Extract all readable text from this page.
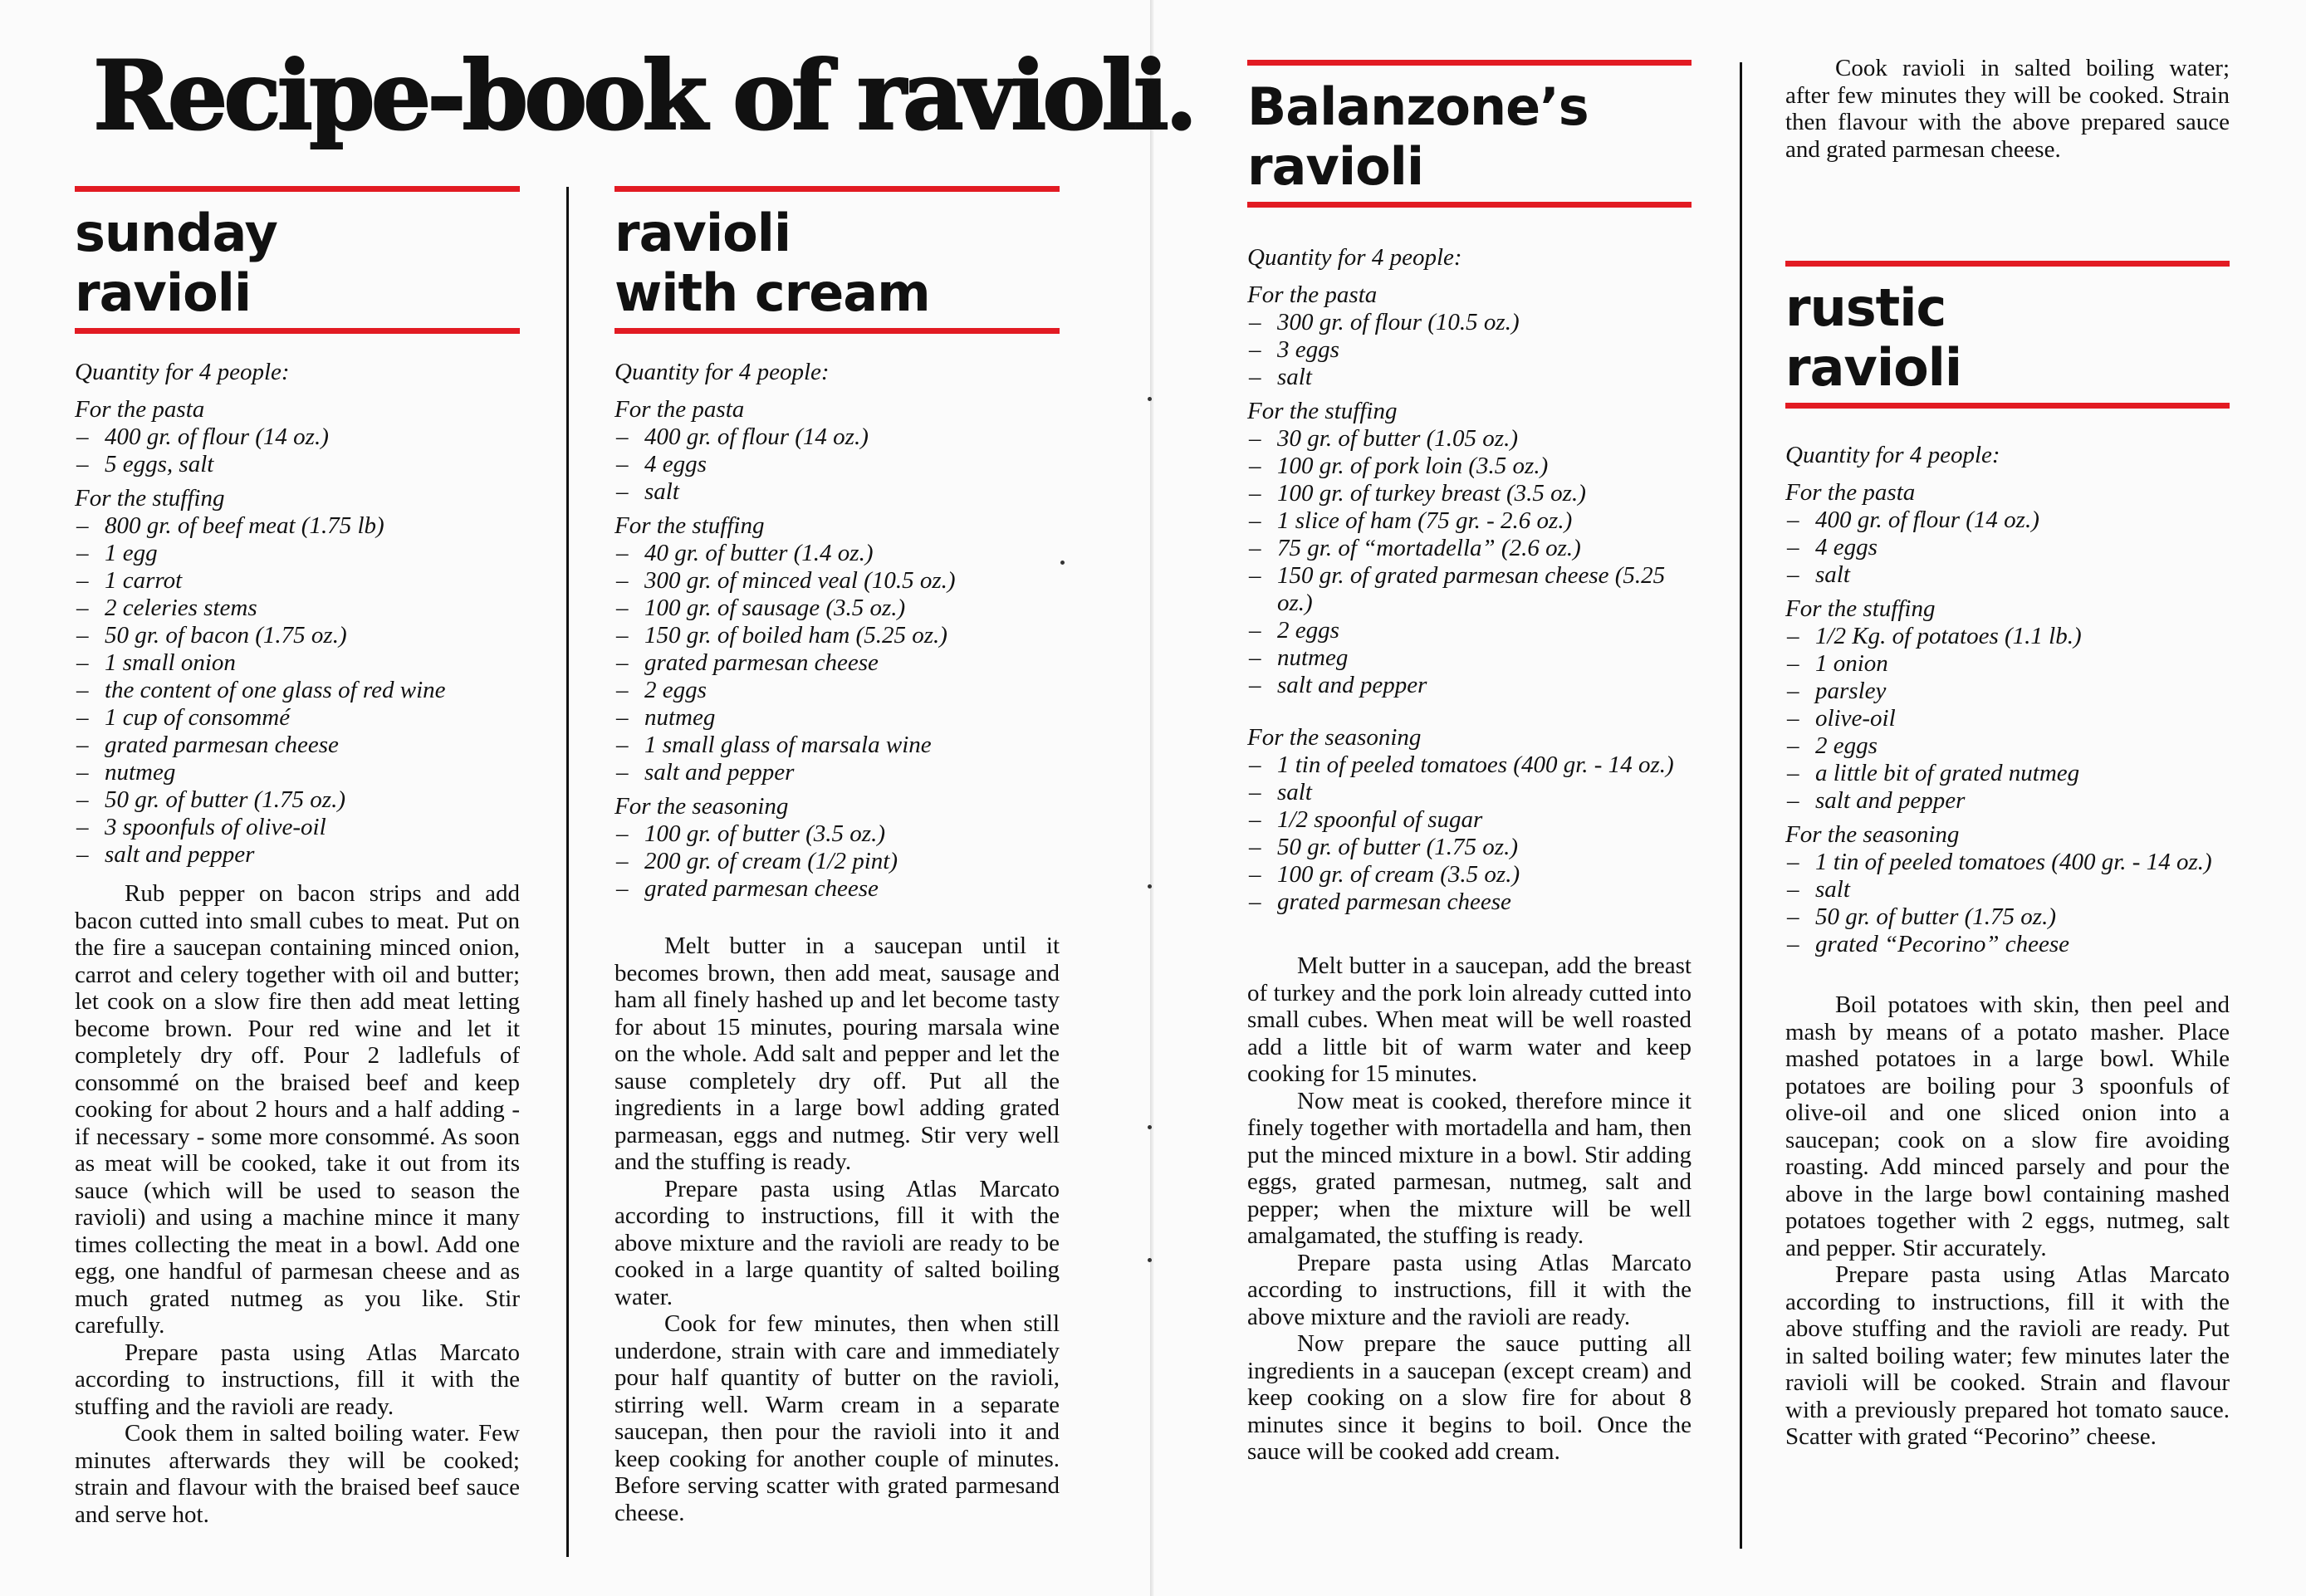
Recipe-book of ravioli.
sunday
ravioli
Quantity for 4 people:
For the pasta
– 400 gr. of flour (14 oz.)
– 5 eggs, salt
For the stuffing
– 800 gr. of beef meat (1.75 lb)
– 1 egg
– 1 carrot
– 2 celeries stems
– 50 gr. of bacon (1.75 oz.)
– 1 small onion
– the content of one glass of red wine
– 1 cup of consommé
– grated parmesan cheese
– nutmeg
– 50 gr. of butter (1.75 oz.)
– 3 spoonfuls of olive-oil
– salt and pepper

Rub pepper on bacon strips and add bacon cutted into small cubes to meat. Put on the fire a saucepan containing minced onion, carrot and celery together with oil and butter; let cook on a slow fire then add meat letting become brown. Pour red wine and let it completely dry off. Pour 2 ladlefuls of consommé on the braised beef and keep cooking for about 2 hours and a half adding - if necessary - some more consommé. As soon as meat will be cooked, take it out from its sauce (which will be used to season the ravioli) and using a machine mince it many times collecting the meat in a bowl. Add one egg, one handful of parmesan cheese and as much grated nutmeg as you like. Stir carefully.

Prepare pasta using Atlas Marcato according to instructions, fill it with the stuffing and the ravioli are ready.

Cook them in salted boiling water. Few minutes afterwards they will be cooked; strain and flavour with the braised beef sauce and serve hot.

ravioli
with cream
Quantity for 4 people:
For the pasta
– 400 gr. of flour (14 oz.)
– 4 eggs
– salt
For the stuffing
– 40 gr. of butter (1.4 oz.)
– 300 gr. of minced veal (10.5 oz.)
– 100 gr. of sausage (3.5 oz.)
– 150 gr. of boiled ham (5.25 oz.)
– grated parmesan cheese
– 2 eggs
– nutmeg
– 1 small glass of marsala wine
– salt and pepper
For the seasoning
– 100 gr. of butter (3.5 oz.)
– 200 gr. of cream (1/2 pint)
– grated parmesan cheese

Melt butter in a saucepan until it becomes brown, then add meat, sausage and ham all finely hashed up and let become tasty for about 15 minutes, pouring marsala wine on the whole. Add salt and pepper and let the sause completely dry off. Put all the ingredients in a large bowl adding grated parmeasan, eggs and nutmeg. Stir very well and the stuffing is ready.

Prepare pasta using Atlas Marcato according to instructions, fill it with the above mixture and the ravioli are ready to be cooked in a large quantity of salted boiling water.

Cook for few minutes, then when still underdone, strain with care and immediately pour half quantity of butter on the ravioli, stirring well. Warm cream in a separate saucepan, then pour the ravioli into it and keep cooking for another couple of minutes. Before serving scatter with grated parmesand cheese.

Balanzone’s
ravioli
Quantity for 4 people:
For the pasta
– 300 gr. of flour (10.5 oz.)
– 3 eggs
– salt
For the stuffing
– 30 gr. of butter (1.05 oz.)
– 100 gr. of pork loin (3.5 oz.)
– 100 gr. of turkey breast (3.5 oz.)
– 1 slice of ham (75 gr. - 2.6 oz.)
– 75 gr. of “mortadella” (2.6 oz.)
– 150 gr. of grated parmesan cheese (5.25 oz.)
– 2 eggs
– nutmeg
– salt and pepper
For the seasoning
– 1 tin of peeled tomatoes (400 gr. - 14 oz.)
– salt
– 1/2 spoonful of sugar
– 50 gr. of butter (1.75 oz.)
– 100 gr. of cream (3.5 oz.)
– grated parmesan cheese

Melt butter in a saucepan, add the breast of turkey and the pork loin already cutted into small cubes. When meat will be well roasted add a little bit of warm water and keep cooking for 15 minutes.

Now meat is cooked, therefore mince it finely together with mortadella and ham, then put the minced mixture in a bowl. Stir adding eggs, grated parmesan, nutmeg, salt and pepper; when the mixture will be well amalgamated, the stuffing is ready.

Prepare pasta using Atlas Marcato according to instructions, fill it with the above mixture and the ravioli are ready.

Now prepare the sauce putting all ingredients in a saucepan (except cream) and keep cooking on a slow fire for about 8 minutes since it begins to boil. Once the sauce will be cooked add cream.

Cook ravioli in salted boiling water; after few minutes they will be cooked. Strain then flavour with the above prepared sauce and grated parmesan cheese.

rustic
ravioli
Quantity for 4 people:
For the pasta
– 400 gr. of flour (14 oz.)
– 4 eggs
– salt
For the stuffing
– 1/2 Kg. of potatoes (1.1 lb.)
– 1 onion
– parsley
– olive-oil
– 2 eggs
– a little bit of grated nutmeg
– salt and pepper
For the seasoning
– 1 tin of peeled tomatoes (400 gr. - 14 oz.)
– salt
– 50 gr. of butter (1.75 oz.)
– grated “Pecorino” cheese

Boil potatoes with skin, then peel and mash by means of a potato masher. Place mashed potatoes in a large bowl. While potatoes are boiling pour 3 spoonfuls of olive-oil and one sliced onion into a saucepan; cook on a slow fire avoiding roasting. Add minced parsely and pour the above in the large bowl containing mashed potatoes together with 2 eggs, nutmeg, salt and pepper. Stir accurately.

Prepare pasta using Atlas Marcato according to instructions, fill it with the above stuffing and the ravioli are ready. Put in salted boiling water; few minutes later the ravioli will be cooked. Strain and flavour with a previously prepared hot tomato sauce. Scatter with grated “Pecorino” cheese.
